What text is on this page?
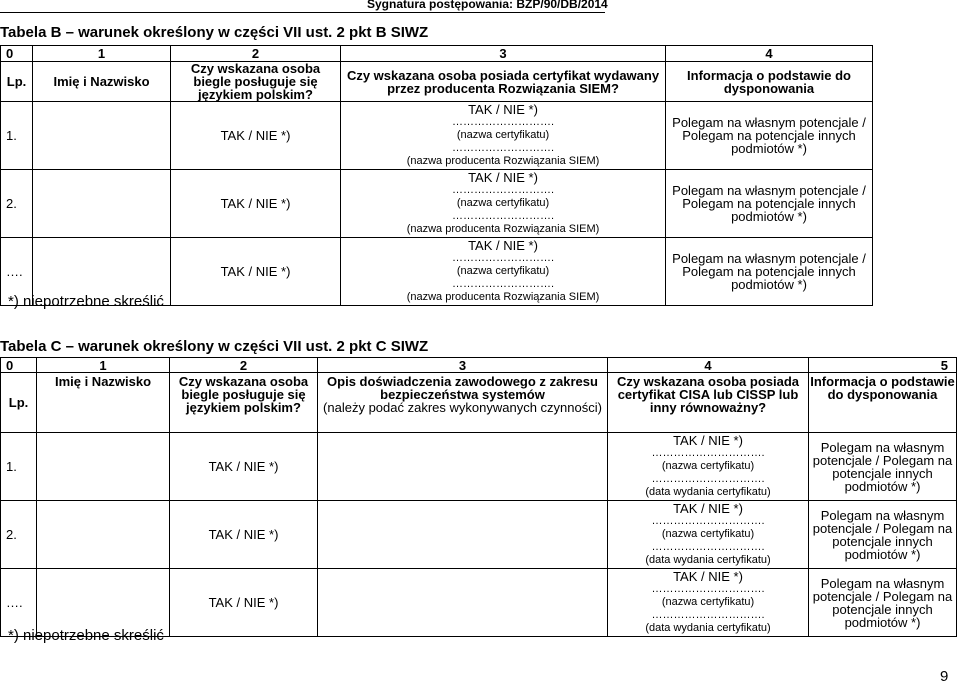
Sygnatura postępowania: BZP/90/DB/2014
Tabela B – warunek określony w części VII ust. 2 pkt B SIWZ
0	1	2	3	4
Lp.	Imię i Nazwisko	Czy wskazana osoba biegle posługuje się językiem polskim?	Czy wskazana osoba posiada certyfikat wydawany przez producenta Rozwiązania SIEM?	Informacja o podstawie do dysponowania
1.		TAK / NIE *)	TAK / NIE *)
……………………….
(nazwa certyfikatu)
……………………….
(nazwa producenta Rozwiązania SIEM)	Polegam na własnym potencjale / Polegam na potencjale innych podmiotów *)
2.		TAK / NIE *)	TAK / NIE *)
……………………….
(nazwa certyfikatu)
……………………….
(nazwa producenta Rozwiązania SIEM)	Polegam na własnym potencjale / Polegam na potencjale innych podmiotów *)
….		TAK / NIE *)	TAK / NIE *)
……………………….
(nazwa certyfikatu)
……………………….
(nazwa producenta Rozwiązania SIEM)	Polegam na własnym potencjale / Polegam na potencjale innych podmiotów *)
*) niepotrzebne skreślić
Tabela C – warunek określony w części VII ust. 2 pkt C SIWZ
0	1	2	3	4	5
Lp.	Imię i Nazwisko	Czy wskazana osoba biegle posługuje się językiem polskim?	Opis doświadczenia zawodowego z zakresu bezpieczeństwa systemów
(należy podać zakres wykonywanych czynności)	Czy wskazana osoba posiada certyfikat CISA lub CISSP lub inny równoważny?	Informacja o podstawie do dysponowania
1.		TAK / NIE *)		TAK / NIE *)
………………………….
(nazwa certyfikatu)
………………………….
(data wydania certyfikatu)	Polegam na własnym potencjale / Polegam na potencjale innych podmiotów *)
2.		TAK / NIE *)		TAK / NIE *)
………………………….
(nazwa certyfikatu)
………………………….
(data wydania certyfikatu)	Polegam na własnym potencjale / Polegam na potencjale innych podmiotów *)
….		TAK / NIE *)		TAK / NIE *)
………………………….
(nazwa certyfikatu)
………………………….
(data wydania certyfikatu)	Polegam na własnym potencjale / Polegam na potencjale innych podmiotów *)
*) niepotrzebne skreślić
9
